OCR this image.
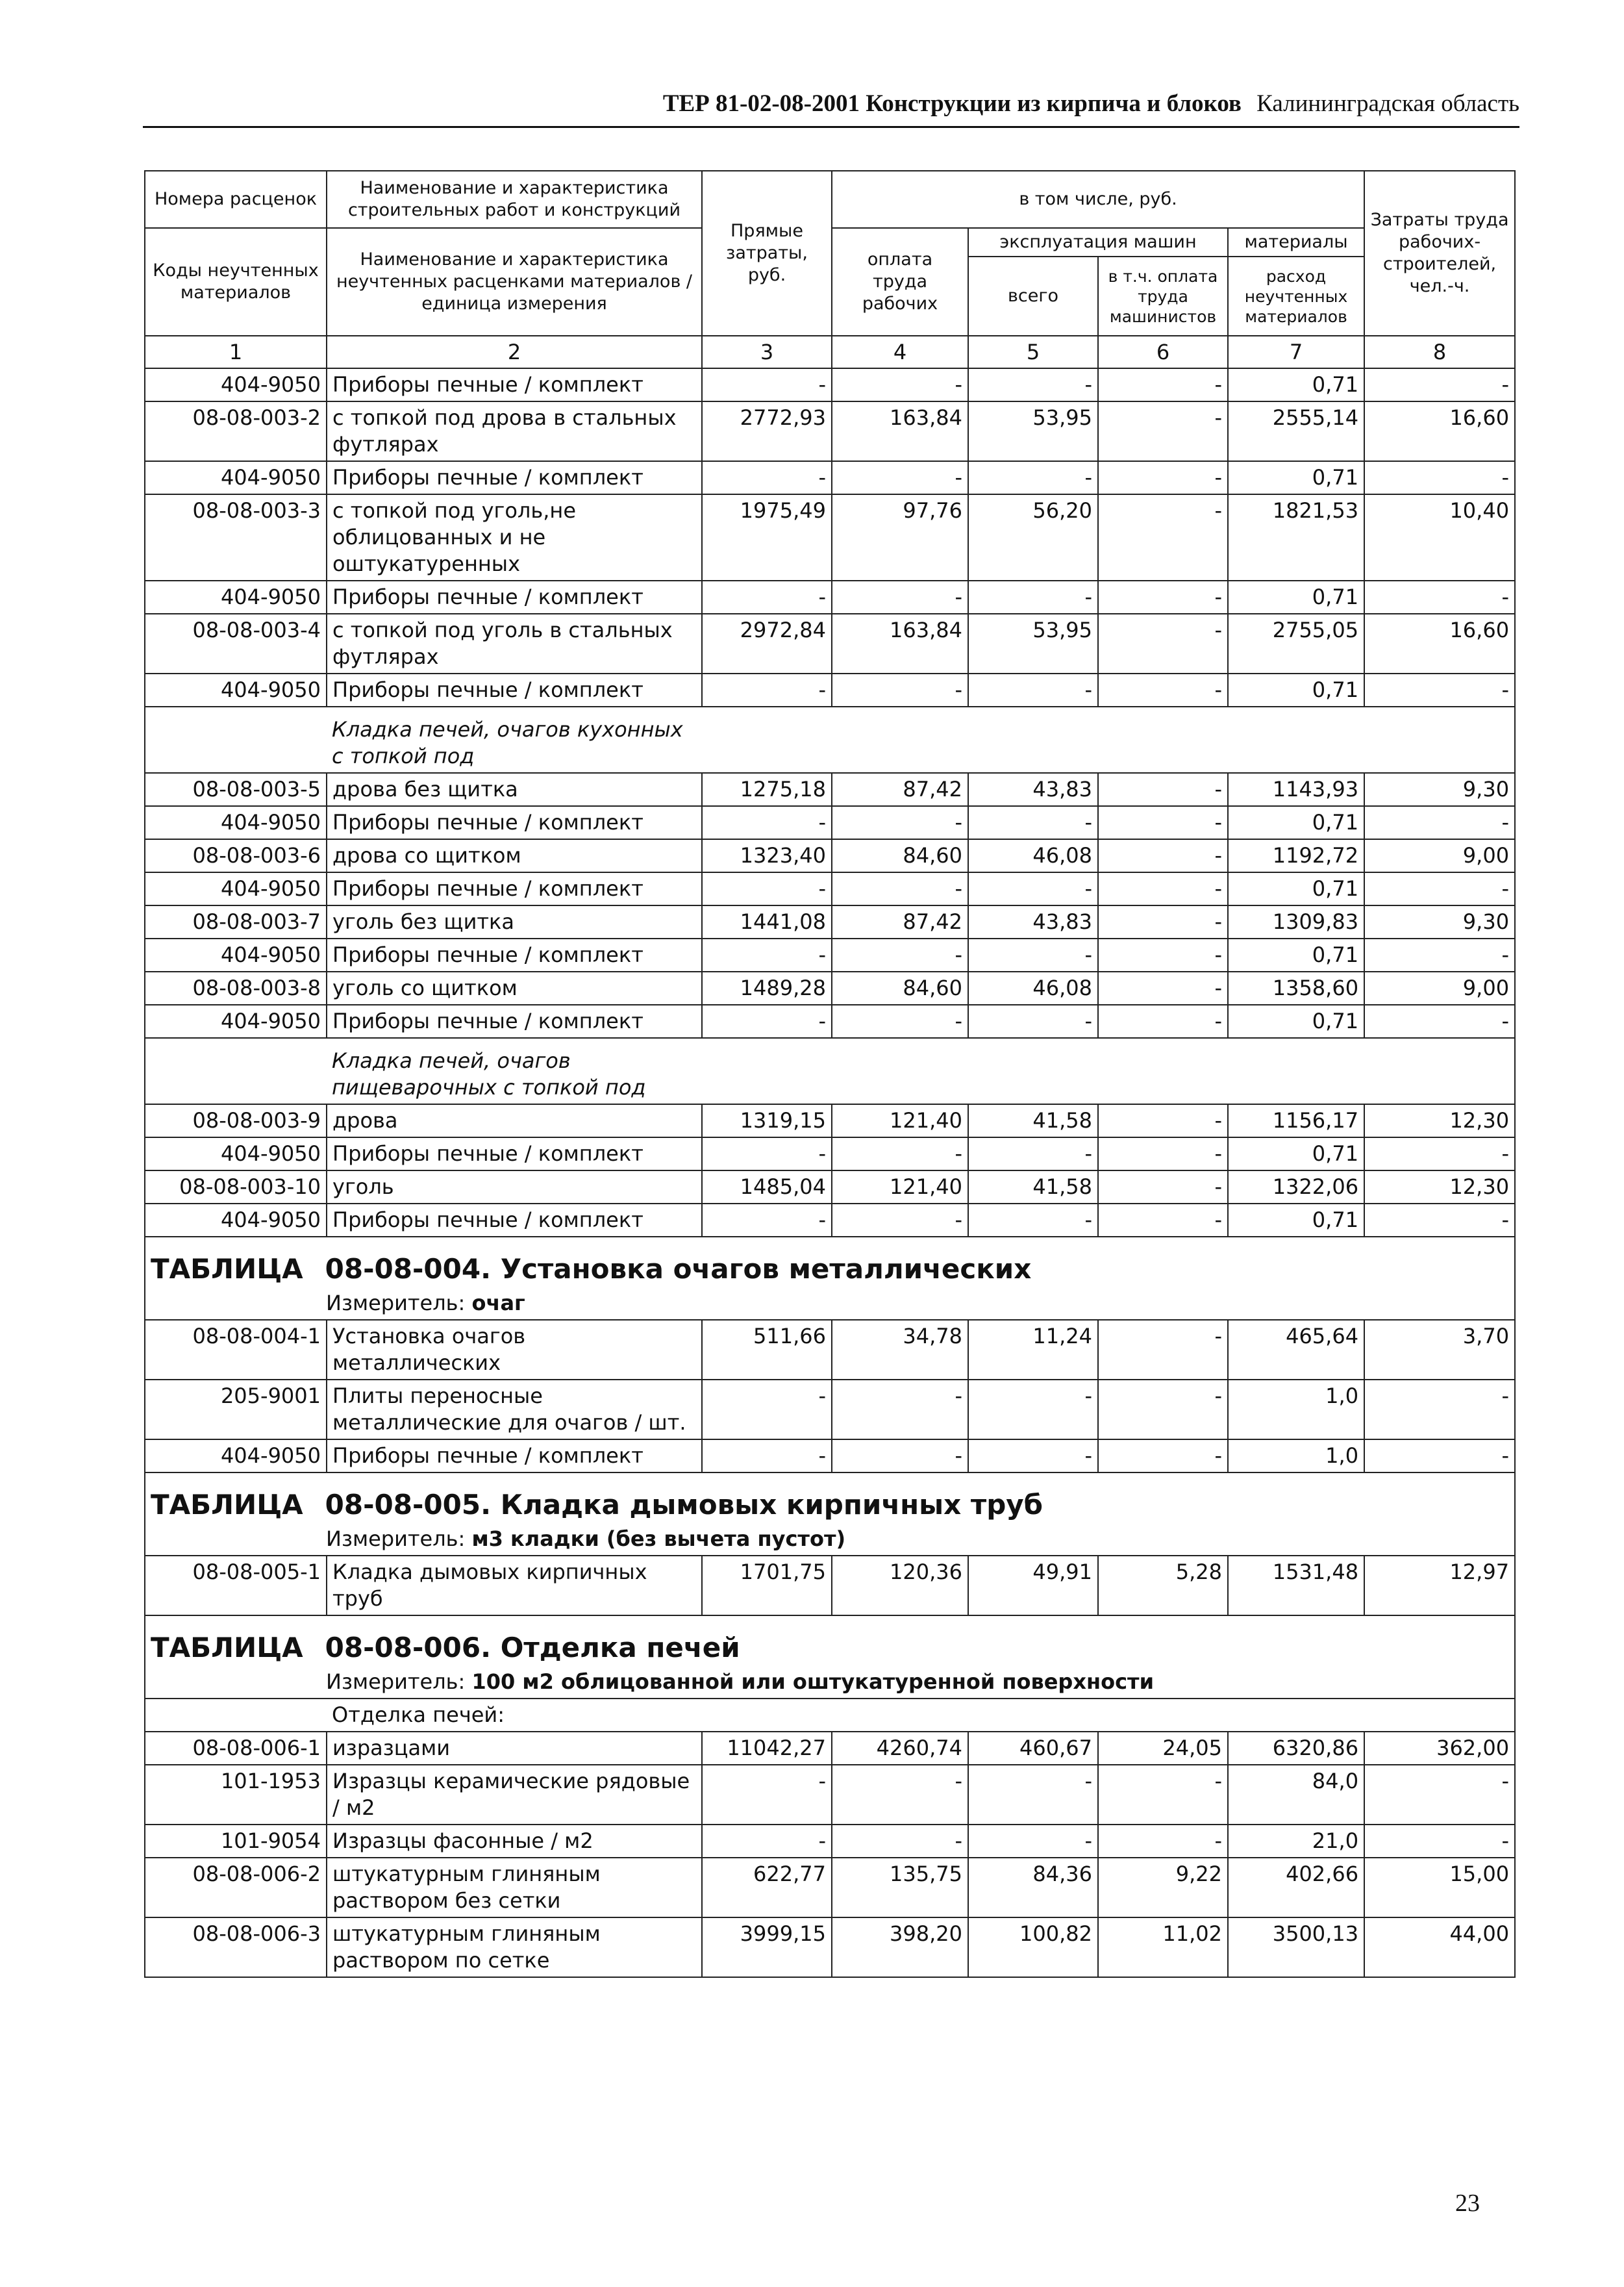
ТЕР 81-02-08-2001 Конструкции из кирпича и блоков Калининградская область
Номера расценок	Наименование и характеристика строительных работ и конструкций	Прямые затраты, руб.	в том числе, руб.				Затраты труда рабочих-строителей, чел.-ч.
Коды неучтенных материалов	Наименование и характеристика неучтенных расценками материалов / единица измерения		оплата труда рабочих	эксплуатация машин		материалы	
				всего	в т.ч. оплата труда машинистов	расход неучтенных материалов	
1	2	3	4	5	6	7	8
404-9050	Приборы печные / комплект	-	-	-	-	0,71	-
08-08-003-2	с топкой под дрова в стальных футлярах	2772,93	163,84	53,95	-	2555,14	16,60
404-9050	Приборы печные / комплект	-	-	-	-	0,71	-
08-08-003-3	с топкой под уголь,не облицованных и не оштукатуренных	1975,49	97,76	56,20	-	1821,53	10,40
404-9050	Приборы печные / комплект	-	-	-	-	0,71	-
08-08-003-4	с топкой под уголь в стальных футлярах	2972,84	163,84	53,95	-	2755,05	16,60
404-9050	Приборы печные / комплект	-	-	-	-	0,71	-
	Кладка печей, очагов кухонных с топкой под						
08-08-003-5	дрова без щитка	1275,18	87,42	43,83	-	1143,93	9,30
404-9050	Приборы печные / комплект	-	-	-	-	0,71	-
08-08-003-6	дрова со щитком	1323,40	84,60	46,08	-	1192,72	9,00
404-9050	Приборы печные / комплект	-	-	-	-	0,71	-
08-08-003-7	уголь без щитка	1441,08	87,42	43,83	-	1309,83	9,30
404-9050	Приборы печные / комплект	-	-	-	-	0,71	-
08-08-003-8	уголь со щитком	1489,28	84,60	46,08	-	1358,60	9,00
404-9050	Приборы печные / комплект	-	-	-	-	0,71	-
	Кладка печей, очагов пищеварочных с топкой под						
08-08-003-9	дрова	1319,15	121,40	41,58	-	1156,17	12,30
404-9050	Приборы печные / комплект	-	-	-	-	0,71	-
08-08-003-10	уголь	1485,04	121,40	41,58	-	1322,06	12,30
404-9050	Приборы печные / комплект	-	-	-	-	0,71	-

ТАБЛИЦА 08-08-004. Установка очагов металлических
Измеритель: очаг							

08-08-004-1	Установка очагов металлических	511,66	34,78	11,24	-	465,64	3,70
205-9001	Плиты переносные металлические для очагов / шт.	-	-	-	-	1,0	-
404-9050	Приборы печные / комплект	-	-	-	-	1,0	-

ТАБЛИЦА 08-08-005. Кладка дымовых кирпичных труб
Измеритель: м3 кладки (без вычета пустот)							

08-08-005-1	Кладка дымовых кирпичных труб	1701,75	120,36	49,91	5,28	1531,48	12,97

ТАБЛИЦА 08-08-006. Отделка печей
Измеритель: 100 м2 облицованной или оштукатуренной поверхности							

	Отделка печей:						
08-08-006-1	изразцами	11042,27	4260,74	460,67	24,05	6320,86	362,00
101-1953	Изразцы керамические рядовые / м2	-	-	-	-	84,0	-
101-9054	Изразцы фасонные / м2	-	-	-	-	21,0	-
08-08-006-2	штукатурным глиняным раствором без сетки	622,77	135,75	84,36	9,22	402,66	15,00
08-08-006-3	штукатурным глиняным раствором по сетке	3999,15	398,20	100,82	11,02	3500,13	44,00
23
